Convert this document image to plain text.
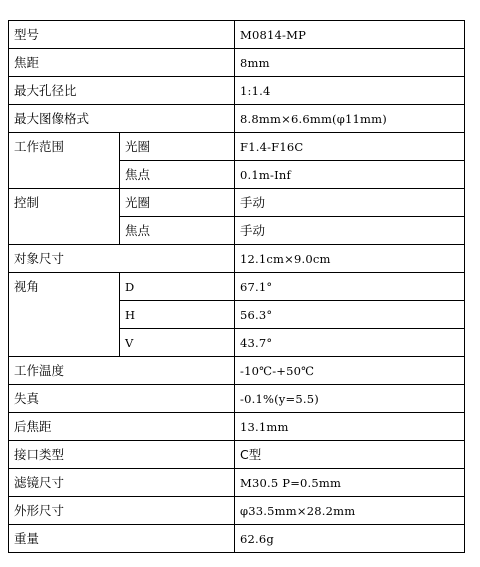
型号		M0814-MP
焦距		8mm
最大孔径比		1:1.4
最大图像格式		8.8mm×6.6mm(φ11mm)
工作范围	光圈	F1.4-F16C
	焦点	0.1m-Inf
控制	光圈	手动
	焦点	手动
对象尺寸		12.1cm×9.0cm
视角	D	67.1°
	H	56.3°
	V	43.7°
工作温度		-10℃-+50℃
失真		-0.1%(y=5.5)
后焦距		13.1mm
接口类型		C型
滤镜尺寸		M30.5 P=0.5mm
外形尺寸		φ33.5mm×28.2mm
重量		62.6g
